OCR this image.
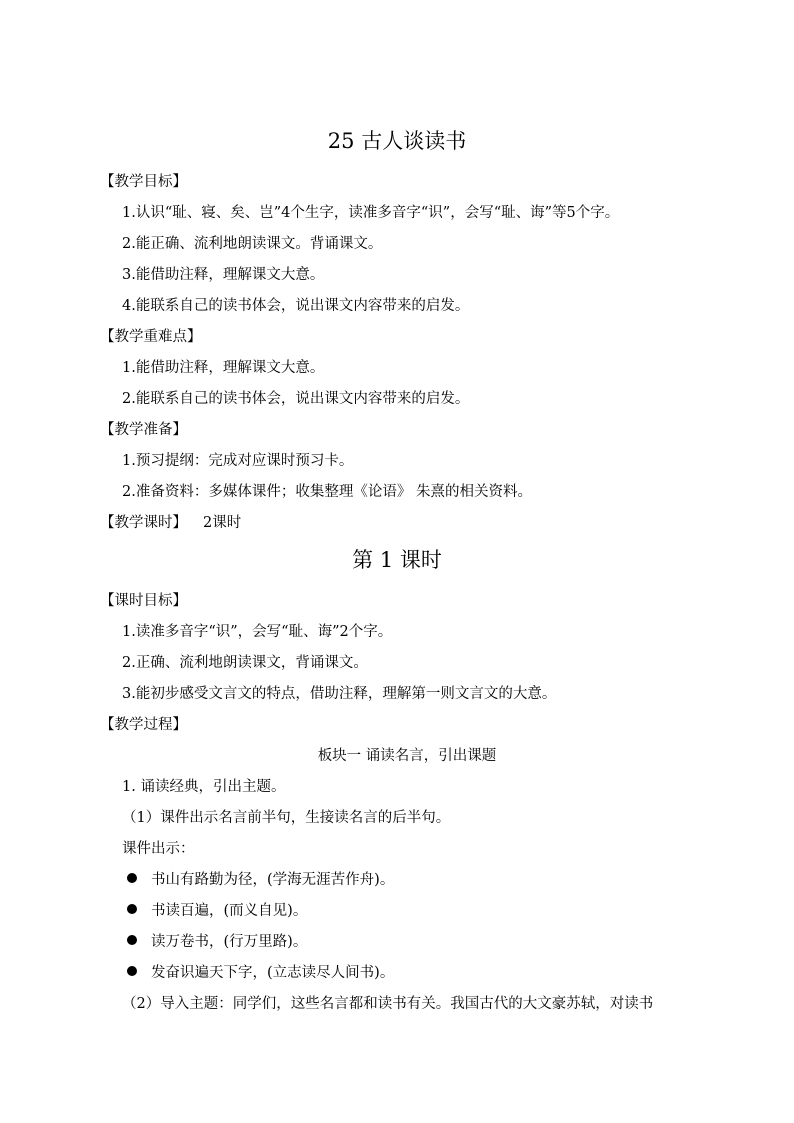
25 古人谈读书
【教学目标】
1.认识“耻、寝、矣、岂”4个生字，读准多音字“识”，会写“耻、诲”等5个字。
2.能正确、流利地朗读课文。背诵课文。
3.能借助注释，理解课文大意。
4.能联系自己的读书体会，说出课文内容带来的启发。
【教学重难点】
1.能借助注释，理解课文大意。
2.能联系自己的读书体会，说出课文内容带来的启发。
【教学准备】
1.预习提纲：完成对应课时预习卡。
2.准备资料：多媒体课件；收集整理《论语》 朱熹的相关资料。
【教学课时】 2课时
第 1 课时
【课时目标】
1.读准多音字“识”，会写“耻、诲”2个字。
2.正确、流利地朗读课文，背诵课文。
3.能初步感受文言文的特点，借助注释，理解第一则文言文的大意。
【教学过程】
板块一 诵读名言，引出课题
1. 诵读经典，引出主题。
（1）课件出示名言前半句，生接读名言的后半句。
课件出示：
书山有路勤为径，(学海无涯苦作舟)。
书读百遍，(而义自见)。
读万卷书，(行万里路)。
发奋识遍天下字，(立志读尽人间书)。
（2）导入主题：同学们，这些名言都和读书有关。我国古代的大文豪苏轼，对读书
